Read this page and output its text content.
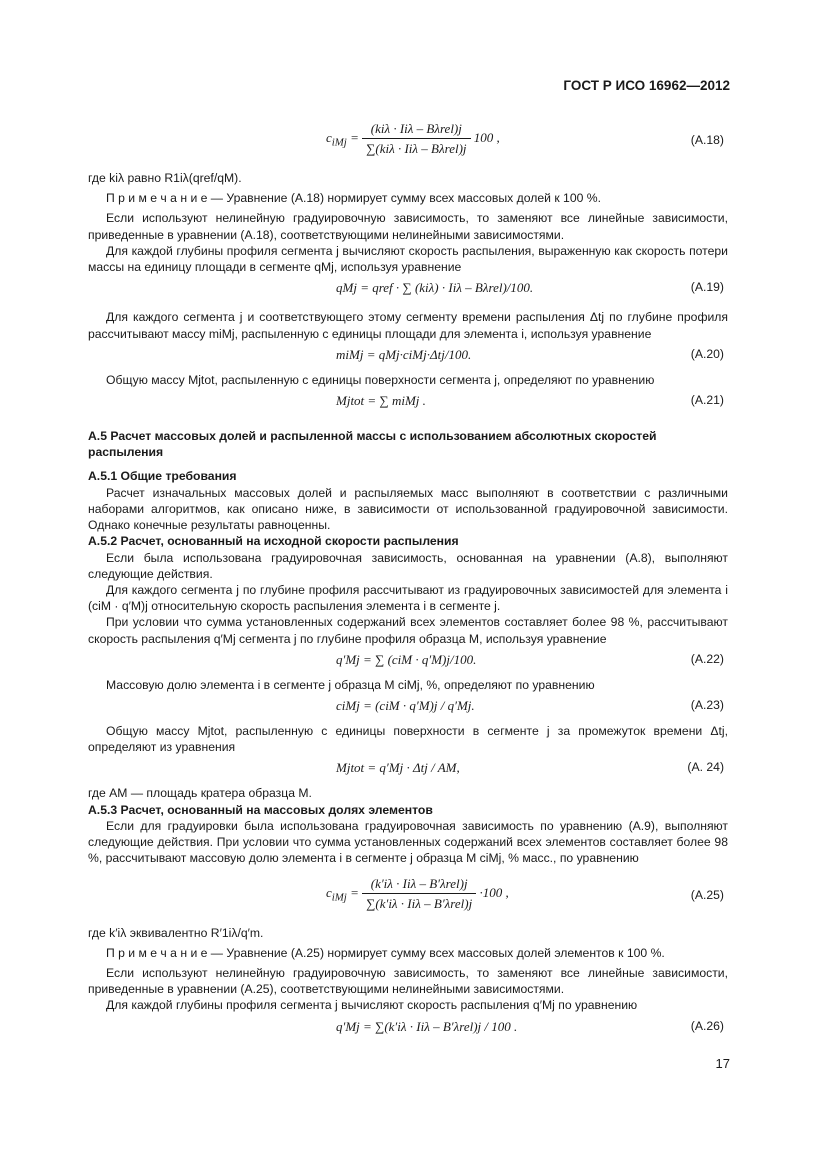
ГОСТ Р ИСО 16962—2012
$c_{iMj} = \frac{\text{(kiλ · Iiλ – Bλrel)j}}{\text{∑(kiλ · Iiλ – Bλrel)j}} 100$ ,	(A.18)

где kiλ равно R1iλ(qref/qM).

П р и м е ч а н и е — Уравнение (A.18) нормирует сумму всех массовых долей к 100 %.

Если используют нелинейную градуировочную зависимость, то заменяют все линейные зависимости, приведенные в уравнении (A.18), соответствующими нелинейными зависимостями.

Для каждой глубины профиля сегмента j вычисляют скорость распыления, выраженную как скорость потери массы на единицу площади в сегменте qMj, используя уравнение

qMj = qref · ∑ (kiλ) · Iiλ – Bλrel)/100.	(A.19)

Для каждого сегмента j и соответствующего этому сегменту времени распыления Δtj по глубине профиля рассчитывают массу miMj, распыленную с единицы площади для элемента i, используя уравнение

miMj = qMj·ciMj·Δtj/100.	(A.20)

Общую массу Mjtot, распыленную с единицы поверхности сегмента j, определяют по уравнению

Mjtot = ∑ miMj .	(A.21)

A.5 Расчет массовых долей и распыленной массы с использованием абсолютных скоростей распыления

A.5.1 Общие требования

Расчет изначальных массовых долей и распыляемых масс выполняют в соответствии с различными наборами алгоритмов, как описано ниже, в зависимости от использованной градуировочной зависимости. Однако конечные результаты равноценны.

A.5.2 Расчет, основанный на исходной скорости распыления

Если была использована градуировочная зависимость, основанная на уравнении (A.8), выполняют следующие действия.

Для каждого сегмента j по глубине профиля рассчитывают из градуировочных зависимостей для элемента i (ciM · q′M)j относительную скорость распыления элемента i в сегменте j.

При условии что сумма установленных содержаний всех элементов составляет более 98 %, рассчитывают скорость распыления q′Mj сегмента j по глубине профиля образца M, используя уравнение

q′Mj = ∑ (ciM · q′M)j/100.	(A.22)

Массовую долю элемента i в сегменте j образца M ciMj, %, определяют по уравнению

ciMj = (ciM · q′M)j / q′Mj.	(A.23)

Общую массу Mjtot, распыленную с единицы поверхности в сегменте j за промежуток времени Δtj, определяют из уравнения

Mjtot = q′Mj · Δtj / AM,	(A. 24)

где AM — площадь кратера образца M.

A.5.3 Расчет, основанный на массовых долях элементов

Если для градуировки была использована градуировочная зависимость по уравнению (A.9), выполняют следующие действия. При условии что сумма установленных содержаний всех элементов составляет более 98 %, рассчитывают массовую долю элемента i в сегменте j образца M ciMj, % масс., по уравнению

$c_{iMj} = \frac{\text{(k′iλ · Iiλ – B′λrel)j}}{\text{∑(k′iλ · Iiλ – B′λrel)j}} \cdot 100$ ,	(A.25)

где k′iλ эквивалентно R′1iλ/q′m.

П р и м е ч а н и е — Уравнение (A.25) нормирует сумму всех массовых долей элементов к 100 %.

Если используют нелинейную градуировочную зависимость, то заменяют все линейные зависимости, приведенные в уравнении (A.25), соответствующими нелинейными зависимостями.

Для каждой глубины профиля сегмента j вычисляют скорость распыления q′Mj по уравнению

q′Mj = ∑(k′iλ · Iiλ – B′λrel)j / 100 .	(A.26)
17
